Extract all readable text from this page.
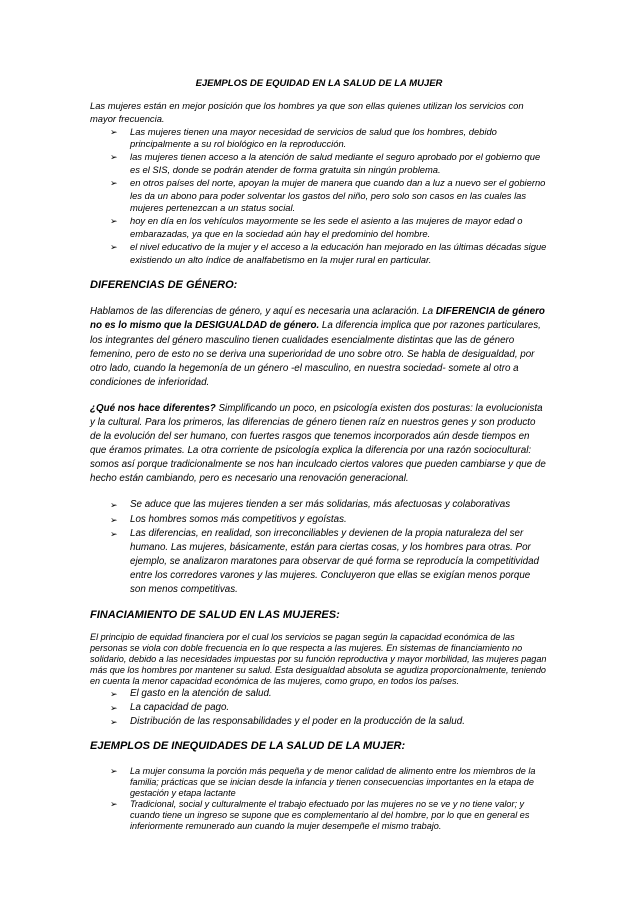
EJEMPLOS DE EQUIDAD EN LA SALUD DE LA MUJER

Las mujeres están en mejor posición que los hombres ya que son ellas quienes utilizan los servicios con mayor frecuencia.

➢ Las mujeres tienen una mayor necesidad de servicios de salud que los hombres, debido principalmente a su rol biológico en la reproducción.
➢ las mujeres tienen acceso a la atención de salud mediante el seguro aprobado por el gobierno que es el SIS, donde se podrán atender de forma gratuita sin ningún problema.
➢ en otros países del norte, apoyan la mujer de manera que cuando dan a luz a nuevo ser el gobierno les da un abono para poder solventar los gastos del niño, pero solo son casos en las cuales las mujeres pertenezcan a un status social.
➢ hoy en día en los vehículos mayormente se les sede el asiento a las mujeres de mayor edad o embarazadas, ya que en la sociedad aún hay el predominio del hombre.
➢ el nivel educativo de la mujer y el acceso a la educación han mejorado en las últimas décadas sigue existiendo un alto índice de analfabetismo en la mujer rural en particular.
DIFERENCIAS DE GÉNERO:

Hablamos de las diferencias de género, y aquí es necesaria una aclaración. La DIFERENCIA de género no es lo mismo que la DESIGUALDAD de género. La diferencia implica que por razones particulares, los integrantes del género masculino tienen cualidades esencialmente distintas que las de género femenino, pero de esto no se deriva una superioridad de uno sobre otro. Se habla de desigualdad, por otro lado, cuando la hegemonía de un género -el masculino, en nuestra sociedad- somete al otro a condiciones de inferioridad.

¿Qué nos hace diferentes? Simplificando un poco, en psicología existen dos posturas: la evolucionista y la cultural. Para los primeros, las diferencias de género tienen raíz en nuestros genes y son producto de la evolución del ser humano, con fuertes rasgos que tenemos incorporados aún desde tiempos en que éramos primates. La otra corriente de psicología explica la diferencia por una razón sociocultural: somos así porque tradicionalmente se nos han inculcado ciertos valores que pueden cambiarse y que de hecho están cambiando, pero es necesario una renovación generacional.

➢ Se aduce que las mujeres tienden a ser más solidarias, más afectuosas y colaborativas
➢ Los hombres somos más competitivos y egoístas.
➢ Las diferencias, en realidad, son irreconciliables y devienen de la propia naturaleza del ser humano. Las mujeres, básicamente, están para ciertas cosas, y los hombres para otras. Por ejemplo, se analizaron maratones para observar de qué forma se reproducía la competitividad entre los corredores varones y las mujeres. Concluyeron que ellas se exigían menos porque son menos competitivas.
FINACIAMIENTO DE SALUD EN LAS MUJERES:

El principio de equidad financiera por el cual los servicios se pagan según la capacidad económica de las personas se viola con doble frecuencia en lo que respecta a las mujeres. En sistemas de financiamiento no solidario, debido a las necesidades impuestas por su función reproductiva y mayor morbilidad, las mujeres pagan más que los hombres por mantener su salud. Esta desigualdad absoluta se agudiza proporcionalmente, teniendo en cuenta la menor capacidad económica de las mujeres, como grupo, en todos los países.

➢ El gasto en la atención de salud.
➢ La capacidad de pago.
➢ Distribución de las responsabilidades y el poder en la producción de la salud.
EJEMPLOS DE INEQUIDADES DE LA SALUD DE LA MUJER:
➢ La mujer consuma la porción más pequeña y de menor calidad de alimento entre los miembros de la familia; prácticas que se inician desde la infancia y tienen consecuencias importantes en la etapa de gestación y etapa lactante
➢ Tradicional, social y culturalmente el trabajo efectuado por las mujeres no se ve y no tiene valor; y cuando tiene un ingreso se supone que es complementario al del hombre, por lo que en general es inferiormente remunerado aun cuando la mujer desempeñe el mismo trabajo.
